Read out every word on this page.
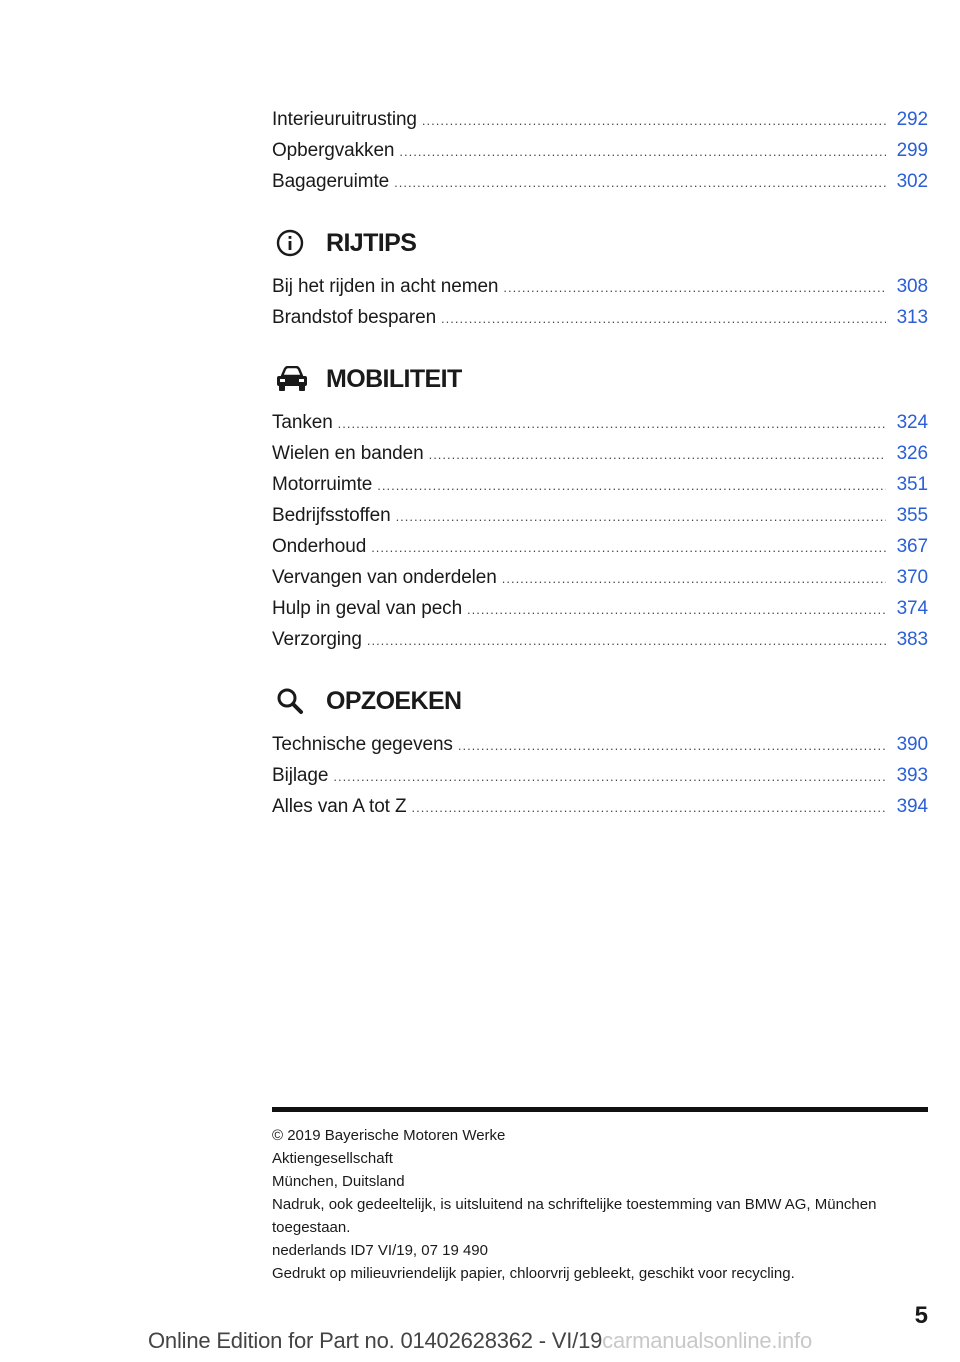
Interieuruitrusting .....	292
Opbergvakken .....	299
Bagageruimte .....	302
RIJTIPS
Bij het rijden in acht nemen .....	308
Brandstof besparen .....	313
MOBILITEIT
Tanken .....	324
Wielen en banden .....	326
Motorruimte .....	351
Bedrijfsstoffen .....	355
Onderhoud .....	367
Vervangen van onderdelen .....	370
Hulp in geval van pech .....	374
Verzorging .....	383
OPZOEKEN
Technische gegevens .....	390
Bijlage .....	393
Alles van A tot Z .....	394
© 2019 Bayerische Motoren Werke
Aktiengesellschaft
München, Duitsland
Nadruk, ook gedeeltelijk, is uitsluitend na schriftelijke toestemming van BMW AG, München toegestaan.
nederlands ID7 VI/19, 07 19 490
Gedrukt op milieuvriendelijk papier, chloorvrij gebleekt, geschikt voor recycling.
5
Online Edition for Part no. 01402628362 - VI/19carmanualsonline.info
